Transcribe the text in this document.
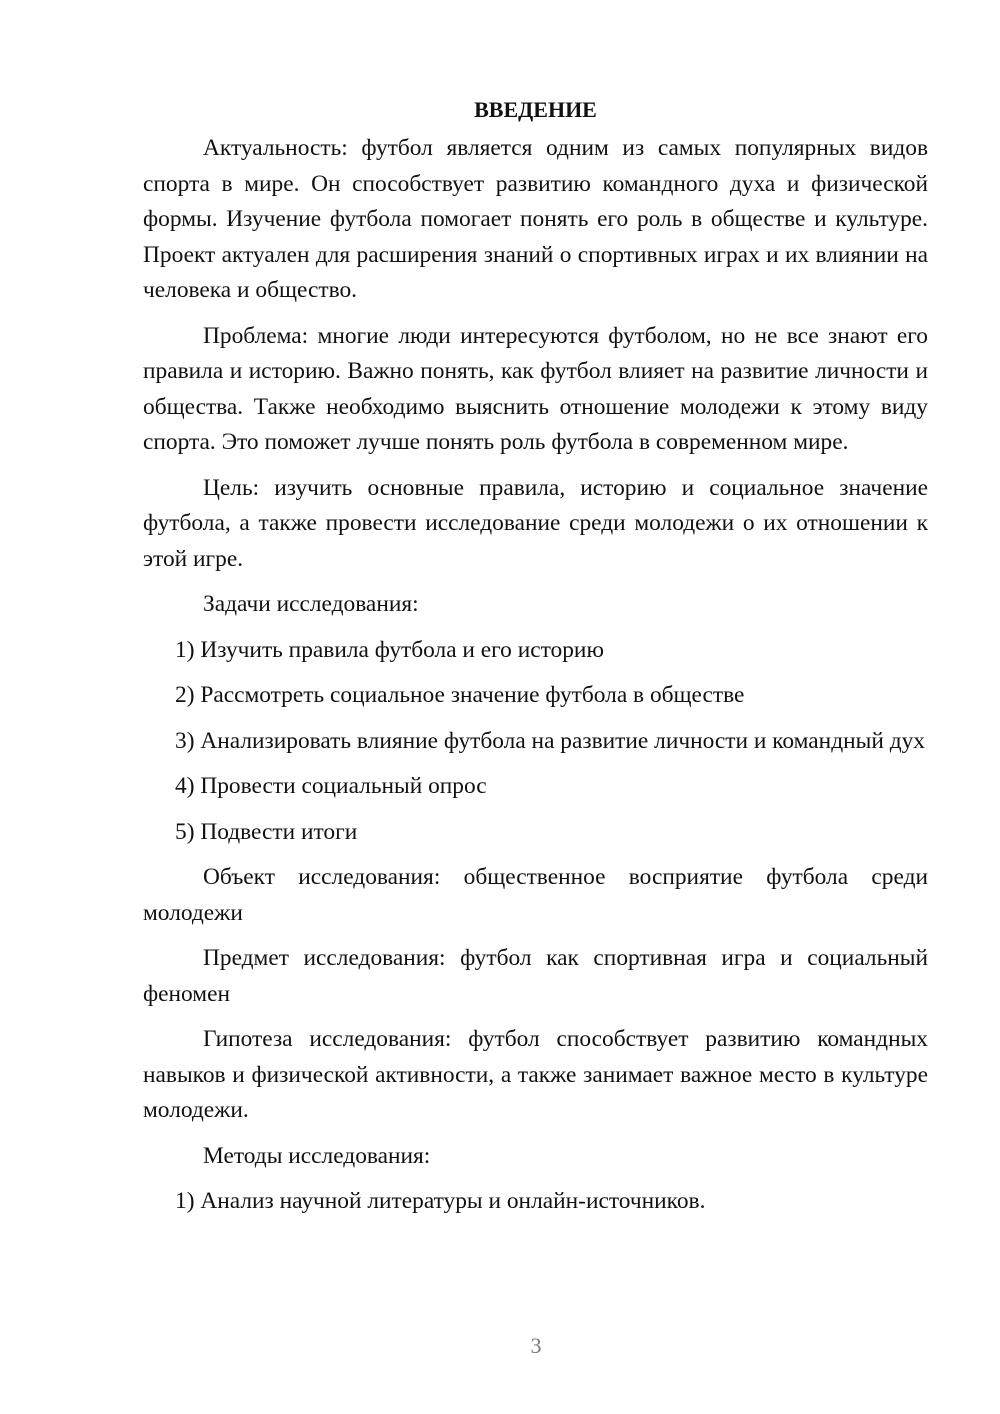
ВВЕДЕНИЕ

Актуальность: футбол является одним из самых популярных видов спорта в мире. Он способствует развитию командного духа и физической формы. Изучение футбола помогает понять его роль в обществе и культуре. Проект актуален для расширения знаний о спортивных играх и их влиянии на человека и общество.

Проблема: многие люди интересуются футболом, но не все знают его правила и историю. Важно понять, как футбол влияет на развитие личности и общества. Также необходимо выяснить отношение молодежи к этому виду спорта. Это поможет лучше понять роль футбола в современном мире.

Цель: изучить основные правила, историю и социальное значение футбола, а также провести исследование среди молодежи о их отношении к этой игре.

Задачи исследования:

1) Изучить правила футбола и его историю

2) Рассмотреть социальное значение футбола в обществе

3) Анализировать влияние футбола на развитие личности и командный дух

4) Провести социальный опрос

5) Подвести итоги

Объект исследования: общественное восприятие футбола среди молодежи

Предмет исследования: футбол как спортивная игра и социальный феномен

Гипотеза исследования: футбол способствует развитию командных навыков и физической активности, а также занимает важное место в культуре молодежи.

Методы исследования:

1) Анализ научной литературы и онлайн-источников.

3
